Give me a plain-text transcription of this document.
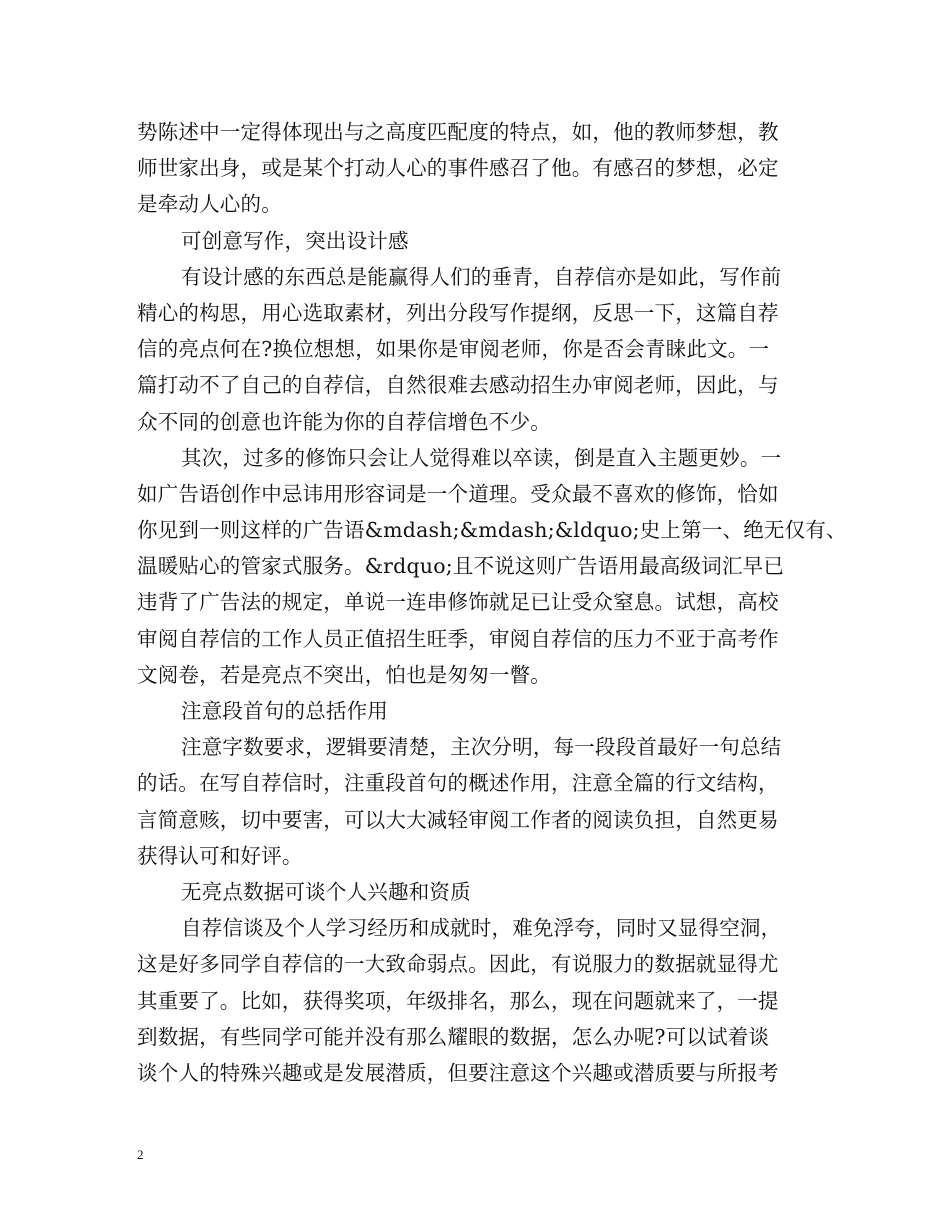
势陈述中一定得体现出与之高度匹配度的特点，如，他的教师梦想，教
师世家出身，或是某个打动人心的事件感召了他。有感召的梦想，必定
是牵动人心的。
可创意写作，突出设计感
有设计感的东西总是能赢得人们的垂青，自荐信亦是如此，写作前
精心的构思，用心选取素材，列出分段写作提纲，反思一下，这篇自荐
信的亮点何在?换位想想，如果你是审阅老师，你是否会青睐此文。一
篇打动不了自己的自荐信，自然很难去感动招生办审阅老师，因此，与
众不同的创意也许能为你的自荐信增色不少。
其次，过多的修饰只会让人觉得难以卒读，倒是直入主题更妙。一
如广告语创作中忌讳用形容词是一个道理。受众最不喜欢的修饰，恰如
你见到一则这样的广告语&mdash;&mdash;&ldquo;史上第一、绝无仅有、
温暖贴心的管家式服务。&rdquo;且不说这则广告语用最高级词汇早已
违背了广告法的规定，单说一连串修饰就足已让受众窒息。试想，高校
审阅自荐信的工作人员正值招生旺季，审阅自荐信的压力不亚于高考作
文阅卷，若是亮点不突出，怕也是匆匆一瞥。
注意段首句的总括作用
注意字数要求，逻辑要清楚，主次分明，每一段段首最好一句总结
的话。在写自荐信时，注重段首句的概述作用，注意全篇的行文结构，
言简意赅，切中要害，可以大大减轻审阅工作者的阅读负担，自然更易
获得认可和好评。
无亮点数据可谈个人兴趣和资质
自荐信谈及个人学习经历和成就时，难免浮夸，同时又显得空洞，
这是好多同学自荐信的一大致命弱点。因此，有说服力的数据就显得尤
其重要了。比如，获得奖项，年级排名，那么，现在问题就来了，一提
到数据，有些同学可能并没有那么耀眼的数据，怎么办呢?可以试着谈
谈个人的特殊兴趣或是发展潜质，但要注意这个兴趣或潜质要与所报考
2
